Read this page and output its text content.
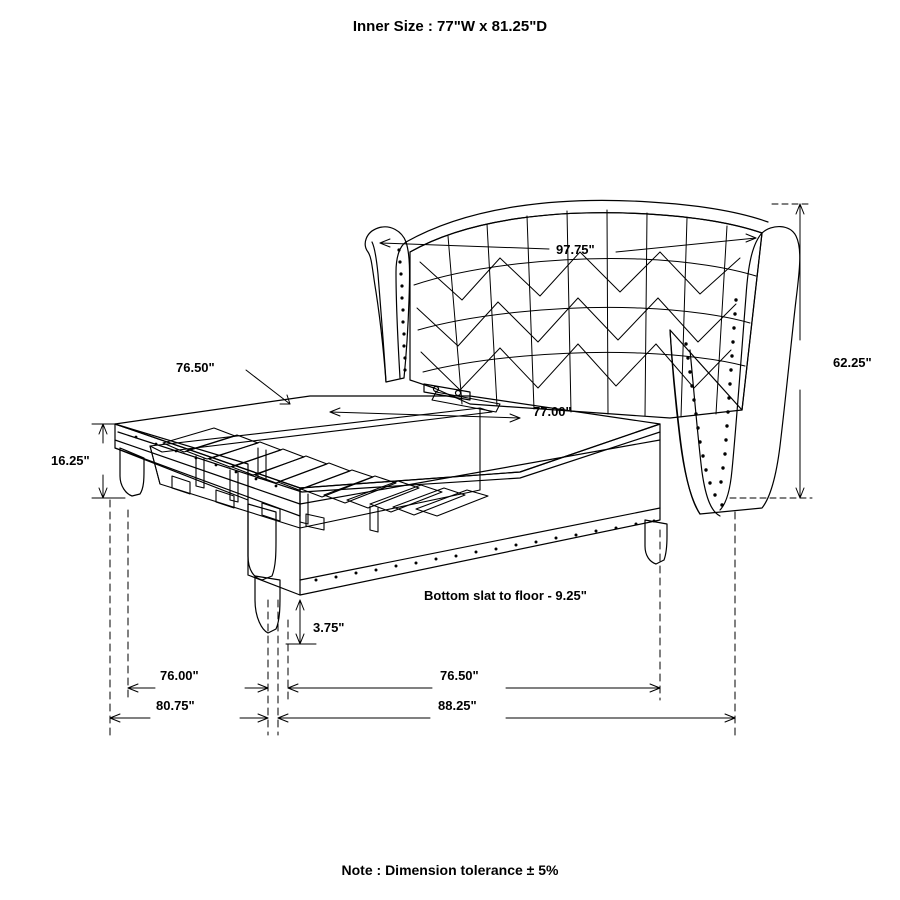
Inner Size : 77"W x 81.25"D
97.75"
62.25"
77.00"
76.50"
16.25"
3.75"
Bottom slat to floor - 9.25"
76.00"	76.50"
80.75"	88.25"
Note : Dimension tolerance ± 5%
